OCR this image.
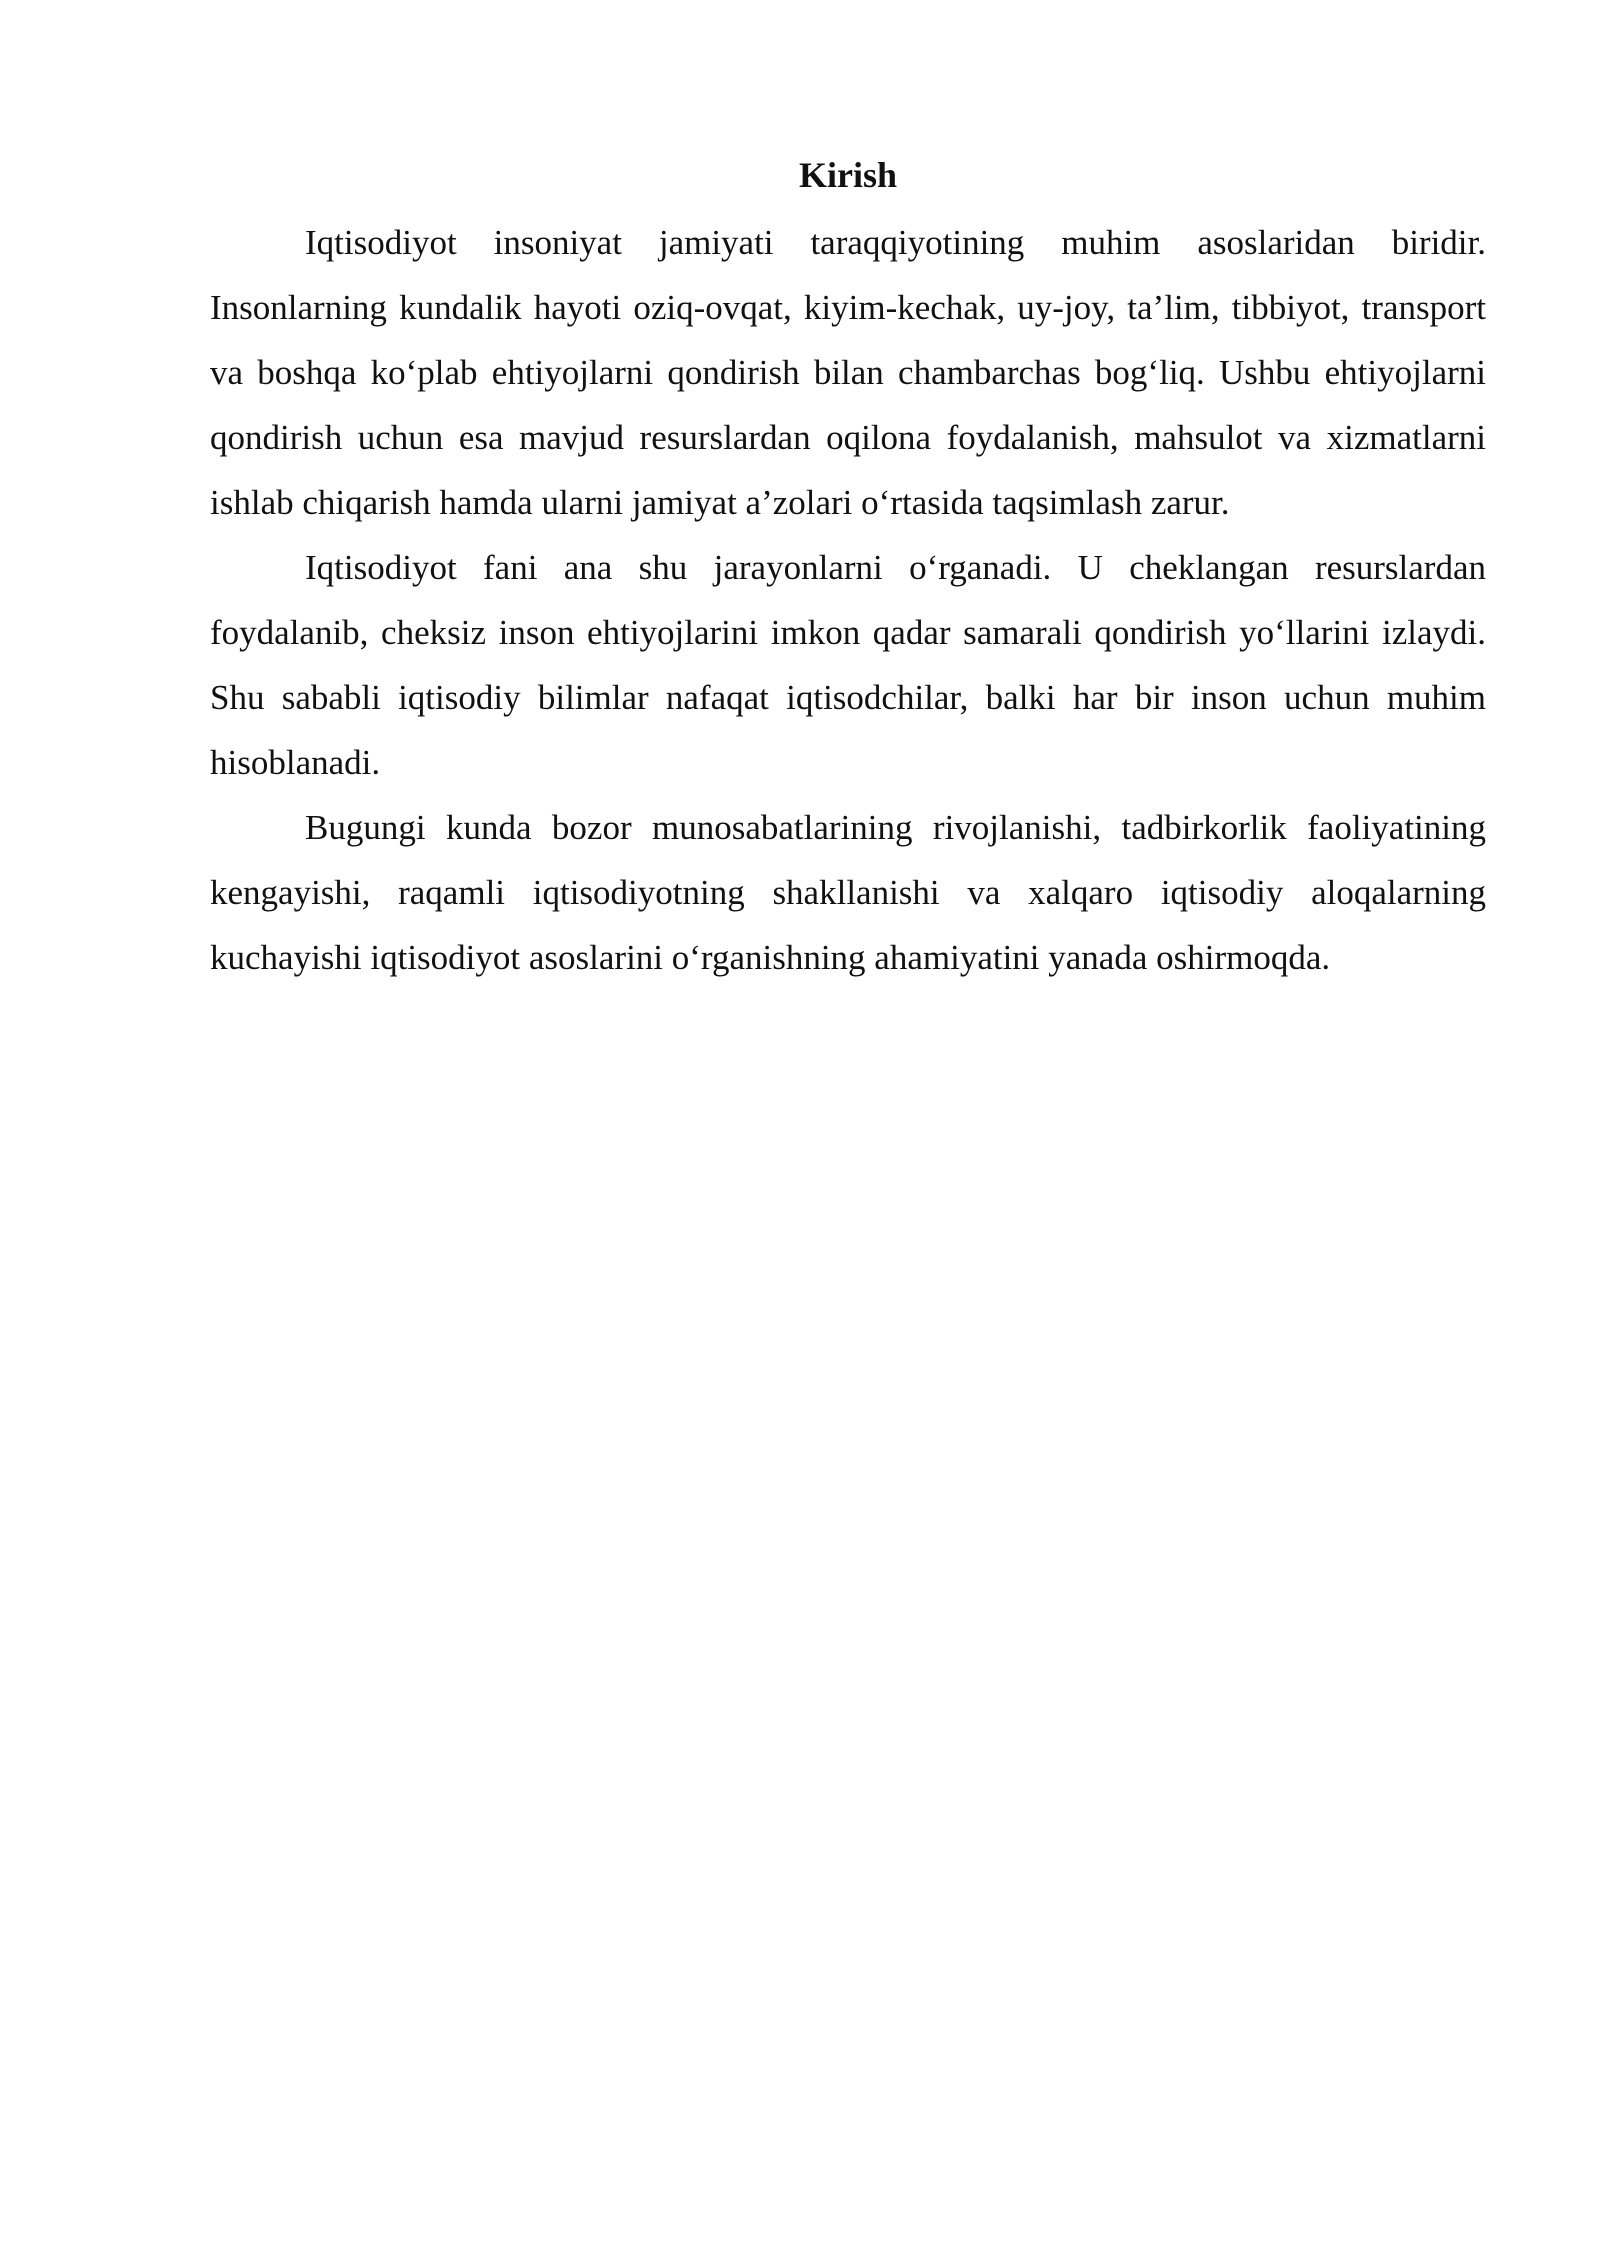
Kirish

Iqtisodiyot insoniyat jamiyati taraqqiyotining muhim asoslaridan biridir. Insonlarning kundalik hayoti oziq-ovqat, kiyim-kechak, uy-joy, ta’lim, tibbiyot, transport va boshqa ko‘plab ehtiyojlarni qondirish bilan chambarchas bog‘liq. Ushbu ehtiyojlarni qondirish uchun esa mavjud resurslardan oqilona foydalanish, mahsulot va xizmatlarni ishlab chiqarish hamda ularni jamiyat a’zolari o‘rtasida taqsimlash zarur.

Iqtisodiyot fani ana shu jarayonlarni o‘rganadi. U cheklangan resurslardan foydalanib, cheksiz inson ehtiyojlarini imkon qadar samarali qondirish yo‘llarini izlaydi. Shu sababli iqtisodiy bilimlar nafaqat iqtisodchilar, balki har bir inson uchun muhim hisoblanadi.

Bugungi kunda bozor munosabatlarining rivojlanishi, tadbirkorlik faoliyatining kengayishi, raqamli iqtisodiyotning shakllanishi va xalqaro iqtisodiy aloqalarning kuchayishi iqtisodiyot asoslarini o‘rganishning ahamiyatini yanada oshirmoqda.
